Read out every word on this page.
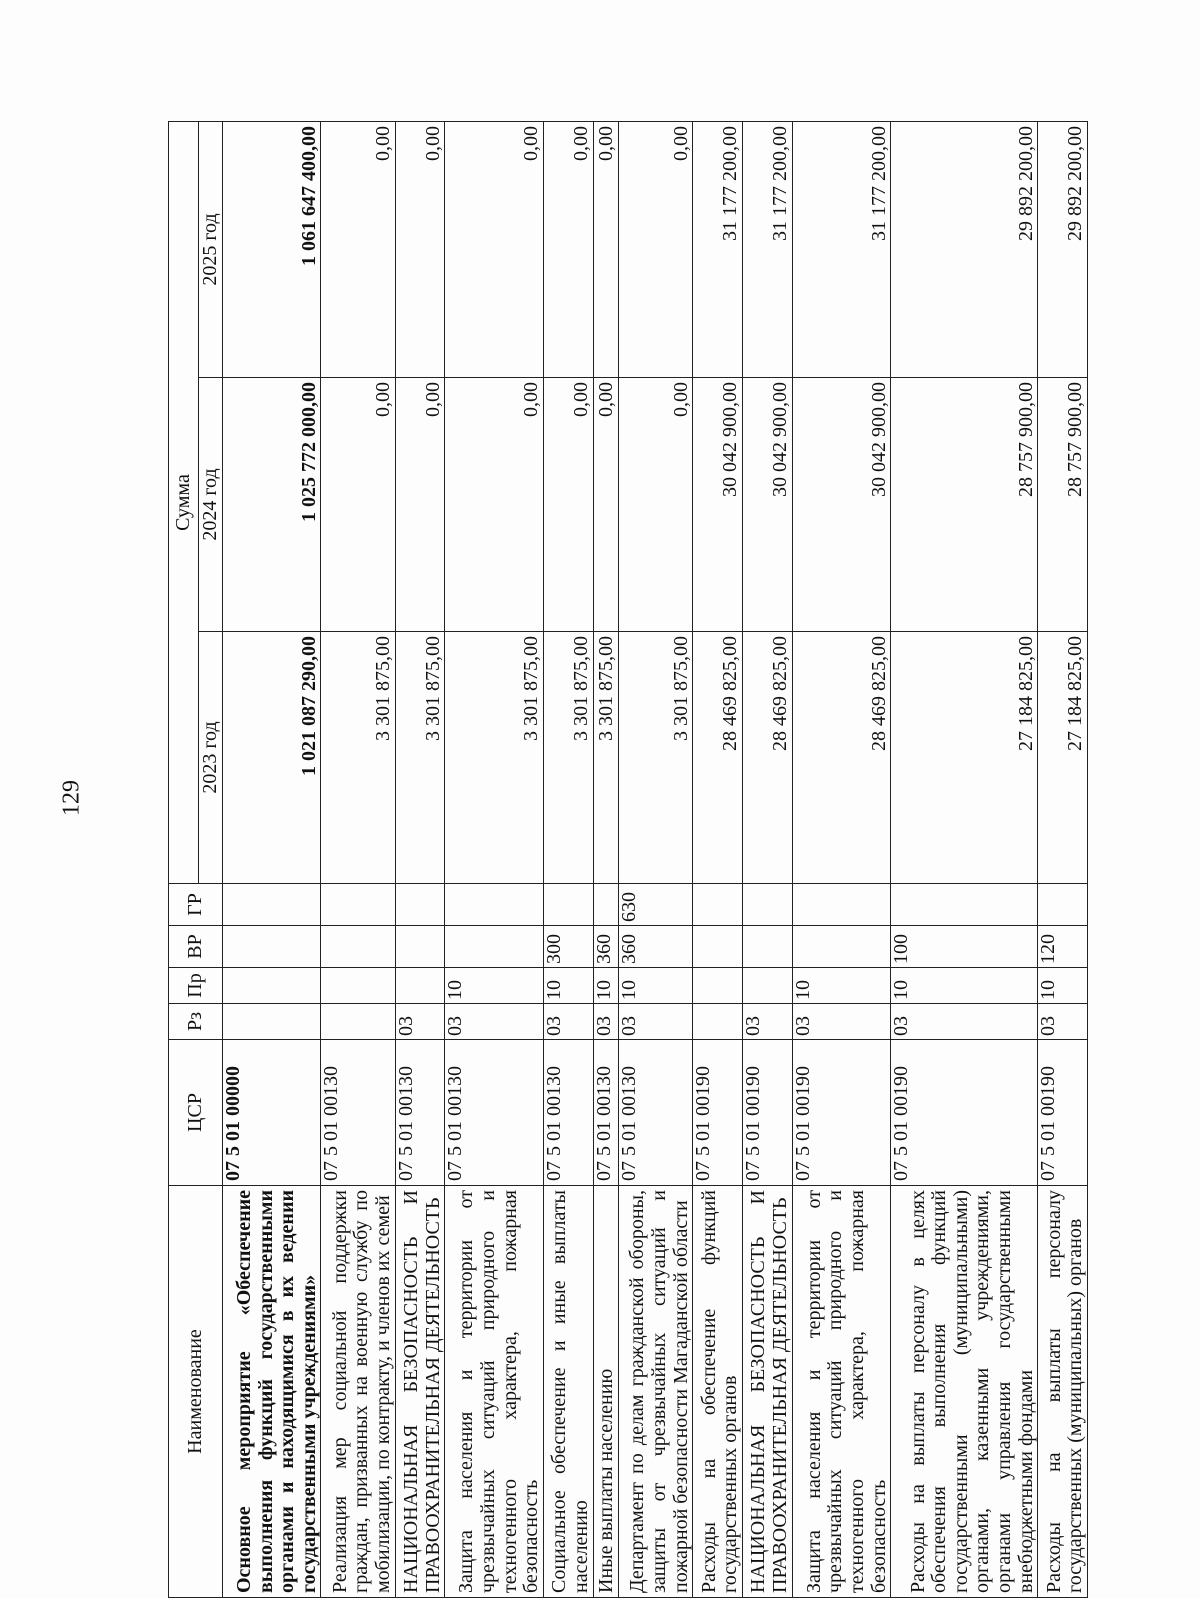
129
Наименование	ЦСР	Рз	Пр	ВР	ГР	Сумма		
						2023 год	2024 год	2025 год
Основное мероприятие «Обеспечение выполнения функций государственными органами и находящимися в их ведении государственными учреждениями»	07 5 01 00000					1 021 087 290,00	1 025 772 000,00	1 061 647 400,00
Реализация мер социальной поддержки граждан, призванных на военную службу по мобилизации, по контракту, и членов их семей	07 5 01 00130					3 301 875,00	0,00	0,00
НАЦИОНАЛЬНАЯ БЕЗОПАСНОСТЬ И ПРАВООХРАНИТЕЛЬНАЯ ДЕЯТЕЛЬНОСТЬ	07 5 01 00130	03				3 301 875,00	0,00	0,00
Защита населения и территории от чрезвычайных ситуаций природного и техногенного характера, пожарная безопасность	07 5 01 00130	03	10			3 301 875,00	0,00	0,00
Социальное обеспечение и иные выплаты населению	07 5 01 00130	03	10	300		3 301 875,00	0,00	0,00
Иные выплаты населению	07 5 01 00130	03	10	360		3 301 875,00	0,00	0,00
Департамент по делам гражданской обороны, защиты от чрезвычайных ситуаций и пожарной безопасности Магаданской области	07 5 01 00130	03	10	360	630	3 301 875,00	0,00	0,00
Расходы на обеспечение функций государственных органов	07 5 01 00190					28 469 825,00	30 042 900,00	31 177 200,00
НАЦИОНАЛЬНАЯ БЕЗОПАСНОСТЬ И ПРАВООХРАНИТЕЛЬНАЯ ДЕЯТЕЛЬНОСТЬ	07 5 01 00190	03				28 469 825,00	30 042 900,00	31 177 200,00
Защита населения и территории от чрезвычайных ситуаций природного и техногенного характера, пожарная безопасность	07 5 01 00190	03	10			28 469 825,00	30 042 900,00	31 177 200,00
Расходы на выплаты персоналу в целях обеспечения выполнения функций государственными (муниципальными) органами, казенными учреждениями, органами управления государственными внебюджетными фондами	07 5 01 00190	03	10	100		27 184 825,00	28 757 900,00	29 892 200,00
Расходы на выплаты персоналу государственных (муниципальных) органов	07 5 01 00190	03	10	120		27 184 825,00	28 757 900,00	29 892 200,00
